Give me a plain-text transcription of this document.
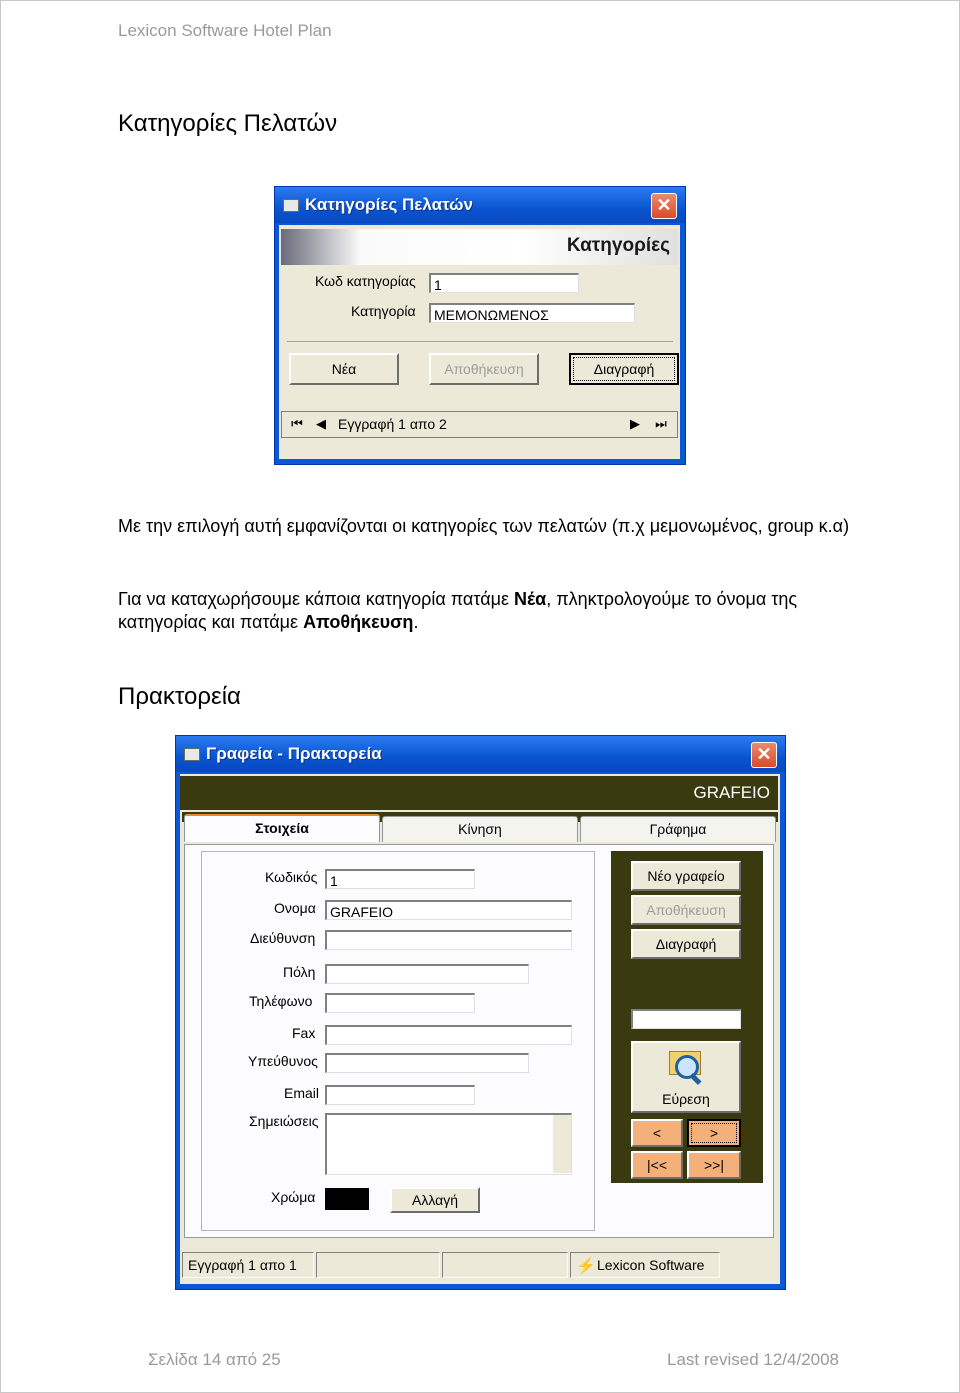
Lexicon Software Hotel Plan
Κατηγορίες Πελατών
Κατηγορίες Πελατών	✕
Κατηγορίες
Κωδ κατηγορίας	1
Κατηγορία	ΜΕΜΟΝΩΜΕΝΟΣ
Νέα	Αποθήκευση	Διαγραφή
⏮	◀ Εγγραφή 1 απο 2	▶	⏭
Με την επιλογή αυτή εμφανίζονται οι κατηγορίες των πελατών (π.χ μεμονωμένος, group κ.α)
Για να καταχωρήσουμε κάποια κατηγορία πατάμε Νέα, πληκτρολογούμε το όνομα της κατηγορίας και πατάμε Αποθήκευση.
Πρακτορεία
Γραφεία - Πρακτορεία	✕
GRAFEIO
Στοιχεία	Κίνηση	Γράφημα
Κωδικός 1
Ονομα	GRAFEIO
Διεύθυνση
Πόλη
Τηλέφωνο
Fax
Υπεύθυνος
Email
Σημειώσεις
Χρώμα	Αλλαγή
Νέο γραφείο
Αποθήκευση
Διαγραφή
Εύρεση
<	>
|<<	>>|
Εγγραφή 1 απο 1	⚡ Lexicon Software
Σελίδα 14 από 25	Last revised 12/4/2008
